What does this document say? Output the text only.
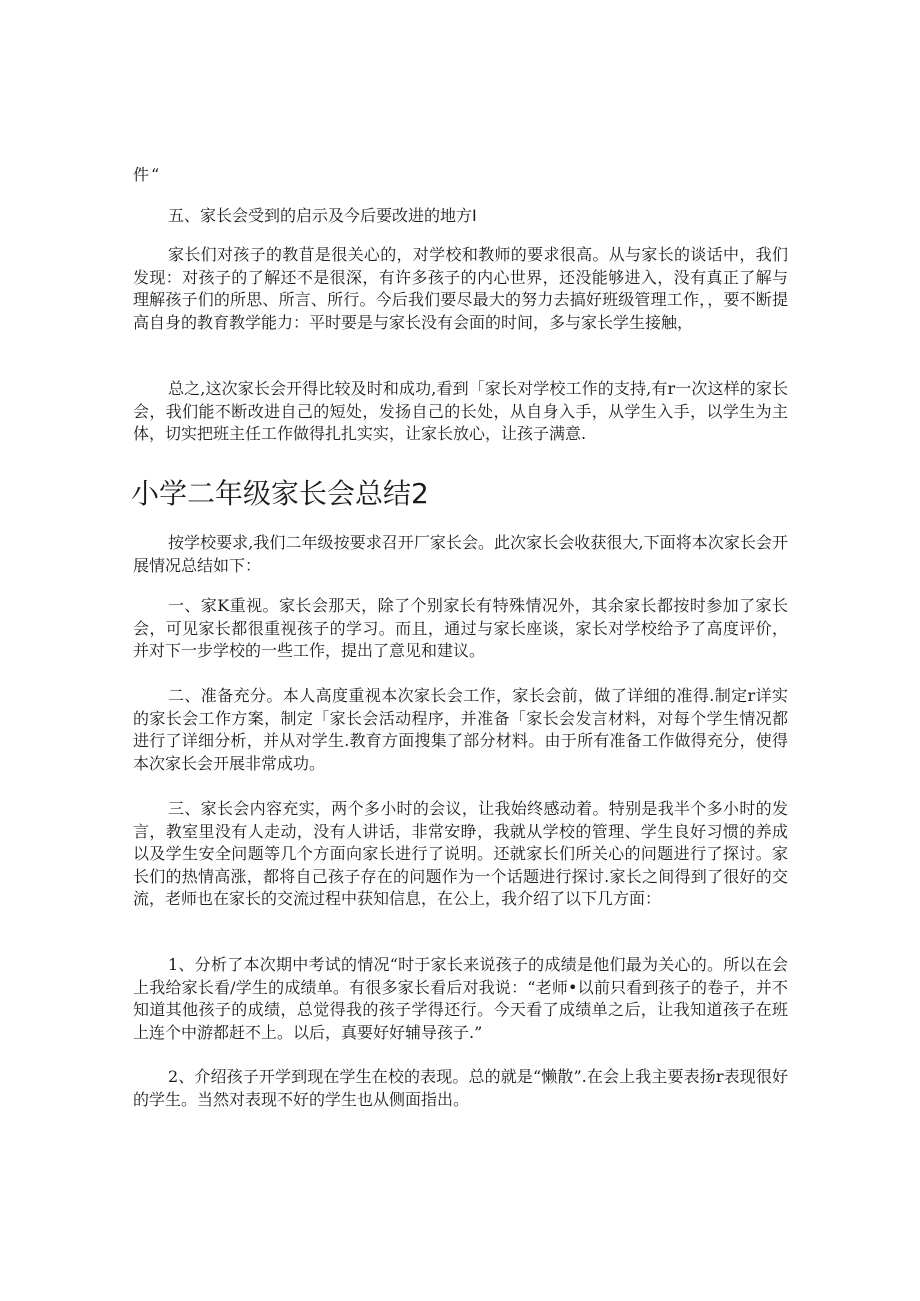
件“
五、家长会受到的启示及今后要改进的地方Ⅰ

家长们对孩子的教苜是很关心的，对学校和教师的要求很高。从与家长的谈话中，我们发现：对孩子的了解还不是很深，有许多孩子的内心世界，还没能够进入，没有真正了解与理解孩子们的所思、所言、所行。今后我们要尽最大的努力去搞好班级管理工作，，要不断提高自身的教育教学能力：平时要是与家长没有会面的时间，多与家长学生接触，

总之,这次家长会开得比较及时和成功,看到「家长对学校工作的支持,有r一次这样的家长会，我们能不断改进自己的短处，发扬自己的长处，从自身入手，从学生入手，以学生为主体，切实把班主任工作做得扎扎实实，让家长放心，让孩子满意.

小学二年级家长会总结2

按学校要求,我们二年级按要求召开厂家长会。此次家长会收获很大,下面将本次家长会开展情况总结如下：

一、家K重视。家长会那天，除了个别家长有特殊情况外，其余家长都按时参加了家长会，可见家长都很重视孩子的学习。而且，通过与家长座谈，家长对学校给予了高度评价，并对下一步学校的一些工作，提出了意见和建议。

二、准备充分。本人高度重视本次家长会工作，家长会前，做了详细的准得.制定r详实的家长会工作方案，制定「家长会活动程序，并准备「家长会发言材料，对每个学生情况都进行了详细分析，并从对学生.教育方面搜集了部分材料。由于所有准备工作做得充分，使得本次家长会开展非常成功。

三、家长会内容充实，两个多小时的会议，让我始终感动着。特别是我半个多小时的发言，教室里没有人走动，没有人讲话，非常安睁，我就从学校的管理、学生良好习惯的养成以及学生安全问题等几个方面向家长进行了说明。还就家长们所关心的问题进行了探讨。家长们的热情高涨，都将自己孩子存在的问题作为一个话题进行探讨.家长之间得到了很好的交流，老师也在家长的交流过程中获知信息，在公上，我介绍了以下几方面：

1、分析了本次期中考试的情况“时于家长来说孩子的成绩是他们最为关心的。所以在会上我给家长看/学生的成绩单。有很多家长看后对我说：“老师•以前只看到孩子的卷子，并不知道其他孩子的成绩，总觉得我的孩子学得还行。今天看了成绩单之后，让我知道孩子在班上连个中游都赶不上。以后，真要好好辅导孩子.”

2、介绍孩子开学到现在学生在校的表现。总的就是“懒散”.在会上我主要表扬r表现很好的学生。当然对表现不好的学生也从侧面指出。
